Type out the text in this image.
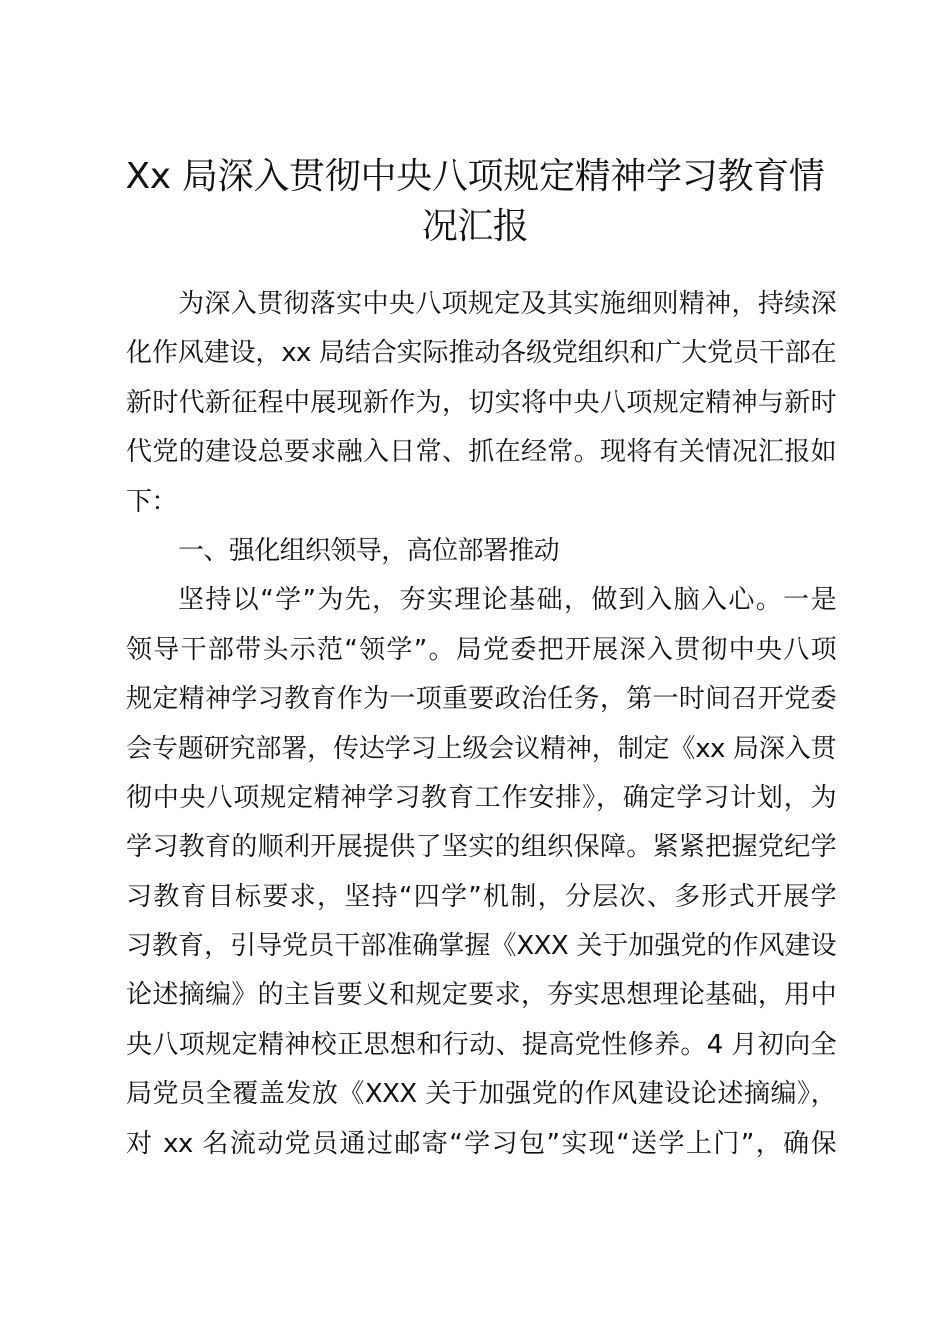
Xx 局深入贯彻中央八项规定精神学习教育情
况汇报
为深入贯彻落实中央八项规定及其实施细则精神，持续深
化作风建设，xx 局结合实际推动各级党组织和广大党员干部在
新时代新征程中展现新作为，切实将中央八项规定精神与新时
代党的建设总要求融入日常、抓在经常。现将有关情况汇报如
下：
一、强化组织领导，高位部署推动
坚持以“学”为先，夯实理论基础，做到入脑入心。一是
领导干部带头示范“领学”。局党委把开展深入贯彻中央八项
规定精神学习教育作为一项重要政治任务，第一时间召开党委
会专题研究部署，传达学习上级会议精神，制定《xx 局深入贯
彻中央八项规定精神学习教育工作安排》，确定学习计划，为
学习教育的顺利开展提供了坚实的组织保障。紧紧把握党纪学
习教育目标要求，坚持“四学”机制，分层次、多形式开展学
习教育，引导党员干部准确掌握《XXX 关于加强党的作风建设
论述摘编》的主旨要义和规定要求，夯实思想理论基础，用中
央八项规定精神校正思想和行动、提高党性修养。4 月初向全
局党员全覆盖发放《XXX 关于加强党的作风建设论述摘编》，
对 xx 名流动党员通过邮寄“学习包”实现“送学上门”，确保
